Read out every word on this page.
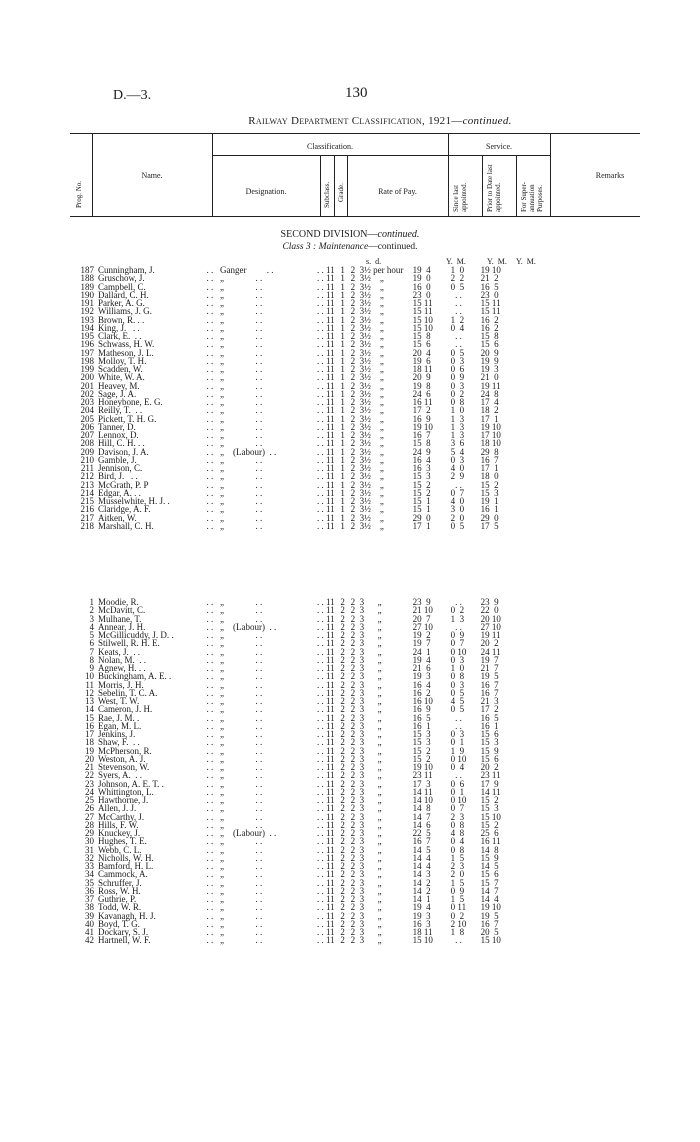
D.—3.	130
Railway Department Classification, 1921—continued.
Prog. No.
Name.
Classification.
Designation.	Subclass. Grade.	Rate of Pay.
Service.
Since last appointed.	Prior to Date last appointed.	For Super-annuation Purposes.
Remarks
SECOND DIVISION—continued.
Class 3 : Maintenance—continued.
s.  d.	Y.  M.	Y.  M. Y.  M.
187	Cunningham, J.	. .   Ganger         . .	. . 11	1	2  3½ per hour	19  4	1  0	19 10
188	Gruschow, J.	. .   „              . .	. . 11	1	2  3½    „	19  0	2  2	21  2
189	Campbell, C.	. .   „              . .	. . 11	1	2  3½    „	16  0	0  5	16  5
190	Dallard, C. H.	. .   „              . .	. . 11	1	2  3½    „	23  0	. .	23  0
191	Parker, A. G.	. .   „              . .	. . 11	1	2  3½    „	15 11	. .	15 11
192	Williams, J. G.	. .   „              . .	. . 11	1	2  3½    „	15 11	. .	15 11
193	Brown, R. . .	. .   „              . .	. . 11	1	2  3½    „	15 10	1  2	16  2
194	King, J.   . .	. .   „              . .	. . 11	1	2  3½    „	15 10	0  4	16  2
195	Clark, E.  . .	. .   „              . .	. . 11	1	2  3½    „	15  8	. .	15  8
196	Schwass, H. W.	. .   „              . .	. . 11	1	2  3½    „	15  6	. .	15  6
197	Matheson, J. L.	. .   „              . .	. . 11	1	2  3½    „	20  4	0  5	20  9
198	Molloy, T. H.	. .   „              . .	. . 11	1	2  3½    „	19  6	0  3	19  9
199	Scadden, W.	. .   „              . .	. . 11	1	2  3½    „	18 11	0  6	19  3
200	White, W. A.	. .   „              . .	. . 11	1	2  3½    „	20  9	0  9	21  0
201	Heavey, M.	. .   „              . .	. . 11	1	2  3½    „	19  8	0  3	19 11
202	Sage, J. A.	. .   „              . .	. . 11	1	2  3½    „	24  6	0  2	24  8
203	Honeybone, E. G.	. .   „              . .	. . 11	1	2  3½    „	16 11	0  8	17  4
204	Reilly, T.  . .	. .   „              . .	. . 11	1	2  3½    „	17  2	1  0	18  2
205	Pickett, T. H. G.	. .   „              . .	. . 11	1	2  3½    „	16  9	1  3	17  1
206	Tanner, D.	. .   „              . .	. . 11	1	2  3½    „	19 10	1  3	19 10
207	Lennox, D.	. .   „              . .	. . 11	1	2  3½    „	16  7	1  3	17 10
208	Hill, C. H. . .	. .   „              . .	. . 11	1	2  3½    „	15  8	3  6	18 10
209	Davison, J. A.	. .   „    (Labour)  . .	. . 11	1	2  3½    „	24  9	5  4	29  8
210	Gamble, J.	. .   „              . .	. . 11	1	2  3½    „	16  4	0  3	16  7
211	Jennison, C.	. .   „              . .	. . 11	1	2  3½    „	16  3	4  0	17  1
212	Bird, J.   . .	. .   „              . .	. . 11	1	2  3½    „	15  3	2  9	18  0
213	McGrath, P. P	. .   „              . .	. . 11	1	2  3½    „	15  2	. .	15  2
214	Edgar, A. . .	. .   „              . .	. . 11	1	2  3½    „	15  2	0  7	15  3
215	Musselwhite, H. J. .	. .   „              . .	. . 11	1	2  3½    „	15  1	4  0	19  1
216	Claridge, A. F.	. .   „              . .	. . 11	1	2  3½    „	15  1	3  0	16  1
217	Aitken, W.	. .   „              . .	. . 11	1	2  3½    „	29  0	2  0	29  0
218	Marshall, C. H.	. .   „              . .	. . 11	1	2  3½    „	17  1	0  5	17  5
1	Moodie, R.	. .   „              . .	. . 11	2	2  3      „	23  9	. .	23  9
2	McDavitt, C.	. .   „              . .	. . 11	2	2  3      „	21 10	0  2	22  0
3	Mulhane, T.	. .   „              . .	. . 11	2	2  3      „	20  7	1  3	20 10
4	Annear, J. H.	. .   „    (Labour)  . .	. . 11	2	2  3      „	27 10	. .	27 10
5	McGillicuddy, J. D. .	. .   „              . .	. . 11	2	2  3      „	19  2	0  9	19 11
6	Stilwell, R. H. E.	. .   „              . .	. . 11	2	2  3      „	19  7	0  7	20  2
7	Keats, J.  . .	. .   „              . .	. . 11	2	2  3      „	24  1	0 10	24 11
8	Nolan, M.  . .	. .   „              . .	. . 11	2	2  3      „	19  4	0  3	19  7
9	Agnew, H. . .	. .   „              . .	. . 11	2	2  3      „	21  6	1  0	21  7
10	Buckingham, A. E. .	. .   „              . .	. . 11	2	2  3      „	19  3	0  8	19  5
11	Morris, J. H.	. .   „              . .	. . 11	2	2  3      „	16  4	0  3	16  7
12	Sebelin, T. C. A.	. .   „              . .	. . 11	2	2  3      „	16  2	0  5	16  7
13	West, T. W.	. .   „              . .	. . 11	2	2  3      „	16 10	4  5	21  3
14	Cameron, J. H.	. .   „              . .	. . 11	2	2  3      „	16  9	0  5	17  2
15	Rae, J. M. .	. .   „              . .	. . 11	2	2  3      „	16  5	. .	16  5
16	Egan, M. L.	. .   „              . .	. . 11	2	2  3      „	16  1	. .	16  1
17	Jenkins, J.	. .   „              . .	. . 11	2	2  3      „	15  3	0  3	15  6
18	Shaw, F.  . .	. .   „              . .	. . 11	2	2  3      „	15  3	0  1	15  3
19	McPherson, R.	. .   „              . .	. . 11	2	2  3      „	15  2	1  9	15  9
20	Weston, A. J.	. .   „              . .	. . 11	2	2  3      „	15  2	0 10	15  6
21	Stevenson, W.	. .   „              . .	. . 11	2	2  3      „	19 10	0  4	20  2
22	Syers, A.  . .	. .   „              . .	. . 11	2	2  3      „	23 11	. .	23 11
23	Johnson, A. E. T. .	. .   „              . .	. . 11	2	2  3      „	17  3	0  6	17  9
24	Whittington, L.	. .   „              . .	. . 11	2	2  3      „	14 11	0  1	14 11
25	Hawthorne, J.	. .   „              . .	. . 11	2	2  3      „	14 10	0 10	15  2
26	Allen, J. J.	. .   „              . .	. . 11	2	2  3      „	14  8	0  7	15  3
27	McCarthy, J.	. .   „              . .	. . 11	2	2  3      „	14  7	2  3	15 10
28	Hills, F. W.	. .   „              . .	. . 11	2	2  3      „	14  6	0  8	15  2
29	Knuckey, J.	. .   „    (Labour)  . .	. . 11	2	2  3      „	22  5	4  8	25  6
30	Hughes, T. E.	. .   „              . .	. . 11	2	2  3      „	16  7	0  4	16 11
31	Webb, C. L.	. .   „              . .	. . 11	2	2  3      „	14  5	0  8	14  8
32	Nicholls, W. H.	. .   „              . .	. . 11	2	2  3      „	14  4	1  5	15  9
33	Bamford, H. L.	. .   „              . .	. . 11	2	2  3      „	14  4	2  3	14  5
34	Cammock, A.	. .   „              . .	. . 11	2	2  3      „	14  3	2  0	15  6
35	Schruffer, J.	. .   „              . .	. . 11	2	2  3      „	14  2	1  5	15  7
36	Ross, W. H.	. .   „              . .	. . 11	2	2  3      „	14  2	0  9	14  7
37	Guthrie, P.	. .   „              . .	. . 11	2	2  3      „	14  1	1  5	14  4
38	Todd, W. R.	. .   „              . .	. . 11	2	2  3      „	19  4	0 11	19 10
39	Kavanagh, H. J.	. .   „              . .	. . 11	2	2  3      „	19  3	0  2	19  5
40	Boyd, T. G.	. .   „              . .	. . 11	2	2  3      „	16  3	2 10	16  7
41	Dockary, S. J.	. .   „              . .	. . 11	2	2  3      „	18 11	1  8	20  5
42	Hartnell, W. F.	. .   „              . .	. . 11	2	2  3      „	15 10	. .	15 10
